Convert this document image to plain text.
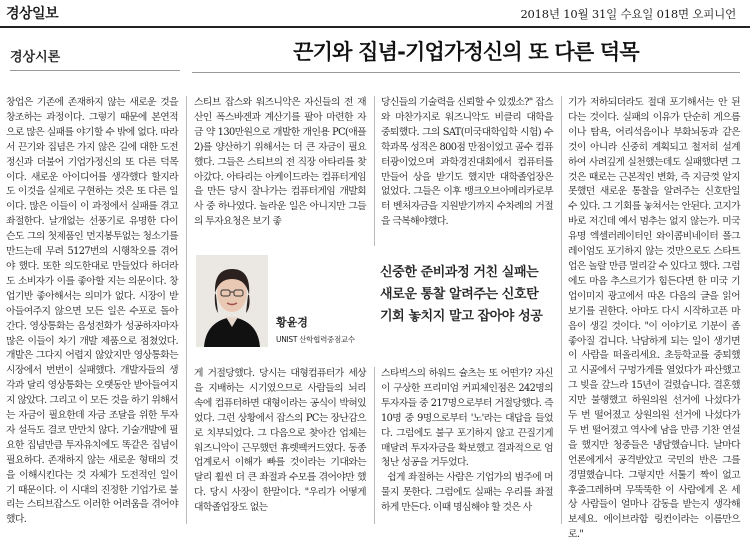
경상일보	2018년 10월 31일 수요일 018면 오피니언
경상시론	끈기와 집념-기업가정신의 또 다른 덕목
창업은 기존에 존재하지 않는 새로운 것을 창조하는 과정이다. 그렇기 때문에 본연적으로 많은 실패를 야기할 수 밖에 없다. 따라서 끈기와 집념은 가지 않은 길에 대한 도전정신과 더불어 기업가정신의 또 다른 덕목이다. 새로운 아이디어를 생각했다 할지라도 이것을 실제로 구현하는 것은 또 다른 일이다. 많은 이들이 이 과정에서 실패를 겪고 좌절한다. 날개없는 선풍기로 유명한 다이슨도 그의 첫제품인 먼지봉투없는 청소기를 만드는데 무려 5127번의 시행착오를 겪어야 했다. 또한 의도한대로 만들었다 하더라도 소비자가 이를 좋아할 지는 의문이다. 창업기반 좋아해서는 의미가 없다. 시장이 받아들여주지 않으면 모든 일은 수포로 돌아간다. 영상통화는 음성전화가 성공하자마자 많은 이들이 차기 개발 제품으로 점쳤었다. 개발은 그다지 어렵지 않았지만 영상통화는 시장에서 번번이 실패했다. 개발자들의 생각과 달리 영상통화는 오랫동안 받아들여지지 않았다. 그리고 이 모든 것을 하기 위해서는 자금이 필요한데 자금 조달을 위한 투자자 설득도 결코 만만치 않다. 기술개발에 필요한 집념만큼 투자유치에도 똑같은 집념이 필요하다. 존재하지 않는 새로운 형태의 것을 이해시킨다는 것 자체가 도전적인 일이기 때문이다. 이 시대의 진정한 기업가로 불리는 스티브잡스도 이러한 어려움을 겪어야 했다.
스티브 잡스와 워즈니악은 자신들의 전 재산인 폭스바겐과 계산기를 팔아 마련한 자금 약 130만원으로 개발한 개인용 PC(애플 2)를 양산하기 위해서는 더 큰 자금이 필요했다. 그들은 스티브의 전 직장 아타리를 찾아갔다. 아타리는 아케이드라는 컴퓨터게임을 만든 당시 잘나가는 컴퓨터게임 개발회사 중 하나였다. 놀라운 일은 아니지만 그들의 투자요청은 보기 좋
당신들의 기술력을 신뢰할 수 있겠소?" 잡스와 마찬가지로 워즈니악도 비클리 대학을 중퇴했다. 그의 SAT(미국대학입학 시험) 수학과목 성적은 800점 만점이었고 골수 컴퓨터광이었으며 과학경진대회에서 컴퓨터를 만들어 상을 받기도 했지만 대학졸업장은 없었다. 그들은 이후 뱅크오브아메리카로부터 벤처자금을 지원받기까지 수차례의 거절을 극복해야했다.
황윤경
UNIST 산학협력중점교수
신중한 준비과정 거친 실패는
새로운 통찰 알려주는 신호탄
기회 놓치지 말고 잡아야 성공
게 거절당했다. 당시는 대형컴퓨터가 세상을 지배하는 시기였으므로 사람들의 뇌리 속에 컴퓨터하면 대형이라는 공식이 박혀있었다. 그런 상황에서 잡스의 PC는 장난감으로 치부되었다. 그 다음으로 찾아간 업체는 워즈니악이 근무했던 휴렛팩커드였다. 동종업계로서 이해가 빠를 것이라는 기대와는 달리 휠씬 더 큰 좌절과 수모를 겪어야만 했다. 당시 사장이 한말이다. "우리가 어떻게 대학졸업장도 없는
스타벅스의 하워드 슐츠는 또 어떤가? 자신이 구상한 프리미엄 커피체인점은 242명의 투자자들 중 217명으로부터 거절당했다. 즉 10명 중 9명으로부터 '노'라는 대답을 들었다. 그럼에도 불구 포기하지 않고 끈질기게 매달려 투자자금을 확보했고 결과적으로 엄청난 성공을 거두었다.
쉽게 좌절하는 사람은 기업가의 범주에 머물지 못한다. 그럼에도 실패는 우리를 좌절하게 만든다. 이때 명심해야 할 것은 사
기가 저하되더라도 절대 포기해서는 안 된다는 것이다. 실패의 이유가 단순히 게으름이나 탐욕, 어리석음이나 부화뇌동과 같은 것이 아니라 신중히 계획되고 철저히 설계하여 사려깊게 실천했는데도 실패했다면 그것은 때로는 근본적인 변화, 즉 지금껏 알지 못했던 새로운 통찰을 알려주는 신호탄일 수 있다. 그 기회를 놓쳐서는 안된다. 고지가 바로 저긴데 예서 멈추는 없지 않는가. 미국 유명 엑셀러레이터인 와이콤비네이터 폴그레이엄도 포기하지 않는 것만으로도 스타트업은 놀랄 만큼 멀리갈 수 있다고 했다. 그럼에도 마음 추스르기가 힘든다면 한 미국 기업이미지 광고에서 따온 다음의 글을 읽어보기를 권한다. 아마도 다시 시작하고픈 마음이 생길 것이다. "이 이야기로 기분이 좀 좋아질 겁니다. 낙담하게 되는 일이 생기면 이 사람을 떠올리세요. 초등학교를 중퇴했고 시골에서 구멍가게를 열었다가 파산했고 그 빚을 갚느라 15년이 걸렸습니다. 결혼했지만 불행했고 하원의원 선거에 나섰다가 두 번 떨어졌고 상원의원 선거에 나섰다가 두 번 떨어졌고 역사에 남을 만큼 기찬 연설을 했지만 청중들은 냉담했습니다. 날마다 언론에게서 공격받았고 국민의 반은 그를 경멸했습니다. 그렇지만 서툴기 짝이 없고 후줄그레하며 무뚝뚝한 이 사람에게 온 세상 사람들이 얼마나 감동을 받는지 생각해보세요. 에이브라함 링컨이라는 이름만으로."
